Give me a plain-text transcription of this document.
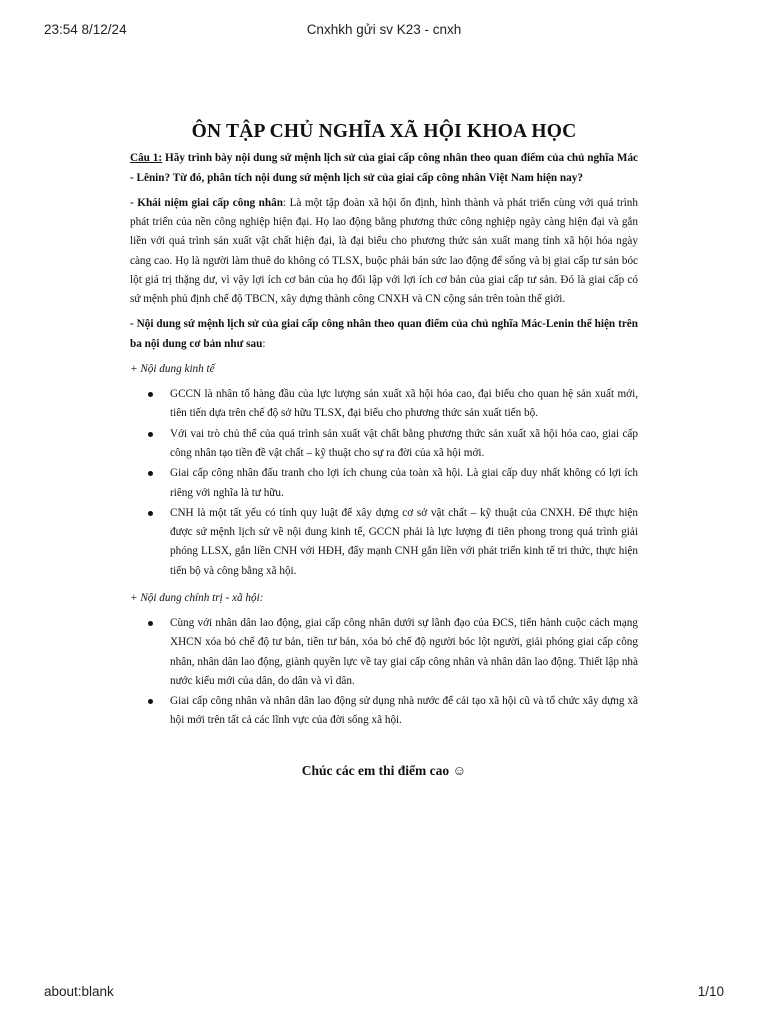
23:54 8/12/24	Cnxhkh gửi sv K23 - cnxh
ÔN TẬP CHỦ NGHĨA XÃ HỘI KHOA HỌC

Câu 1: Hãy trình bày nội dung sứ mệnh lịch sử của giai cấp công nhân theo quan điểm của chủ nghĩa Mác - Lênin? Từ đó, phân tích nội dung sứ mệnh lịch sử của giai cấp công nhân Việt Nam hiện nay?

- Khái niệm giai cấp công nhân: Là một tập đoàn xã hội ổn định, hình thành và phát triển cùng với quá trình phát triển của nền công nghiệp hiện đại. Họ lao động bằng phương thức công nghiệp ngày càng hiện đại và gắn liền với quá trình sản xuất vật chất hiện đại, là đại biểu cho phương thức sản xuất mang tính xã hội hóa ngày càng cao. Họ là người làm thuê do không có TLSX, buộc phải bán sức lao động để sống và bị giai cấp tư sản bóc lột giá trị thặng dư, vì vậy lợi ích cơ bản của họ đối lập với lợi ích cơ bản của giai cấp tư sản. Đó là giai cấp có sứ mệnh phủ định chế độ TBCN, xây dựng thành công CNXH và CN cộng sản trên toàn thế giới.

- Nội dung sứ mệnh lịch sử của giai cấp công nhân theo quan điểm của chủ nghĩa Mác-Lenin thể hiện trên ba nội dung cơ bản như sau:

+ Nội dung kinh tế
GCCN là nhân tố hàng đầu của lực lượng sản xuất xã hội hóa cao, đại biểu cho quan hệ sản xuất mới, tiên tiến dựa trên chế độ sở hữu TLSX, đại biểu cho phương thức sản xuất tiến bộ.
Với vai trò chủ thể của quá trình sản xuất vật chất bằng phương thức sản xuất xã hội hóa cao, giai cấp công nhân tạo tiền đề vật chất – kỹ thuật cho sự ra đời của xã hội mới.
Giai cấp công nhân đấu tranh cho lợi ích chung của toàn xã hội. Là giai cấp duy nhất không có lợi ích riêng với nghĩa là tư hữu.
CNH là một tất yếu có tính quy luật để xây dựng cơ sở vật chất – kỹ thuật của CNXH. Để thực hiện được sứ mệnh lịch sử về nội dung kinh tế, GCCN phải là lực lượng đi tiên phong trong quá trình giải phóng LLSX, gắn liền CNH với HĐH, đẩy mạnh CNH gắn liền với phát triển kinh tế tri thức, thực hiện tiến bộ và công bằng xã hội.
+ Nội dung chính trị - xã hội:
Cùng với nhân dân lao động, giai cấp công nhân dưới sự lãnh đạo của ĐCS, tiến hành cuộc cách mạng XHCN xóa bỏ chế độ tư bản, tiền tư bản, xóa bỏ chế độ người bóc lột người, giải phóng giai cấp công nhân, nhân dân lao động, giành quyền lực về tay giai cấp công nhân và nhân dân lao động. Thiết lập nhà nước kiểu mới của dân, do dân và vì dân.
Giai cấp công nhân và nhân dân lao động sử dụng nhà nước để cải tạo xã hội cũ và tổ chức xây dựng xã hội mới trên tất cả các lĩnh vực của đời sống xã hội.
Chúc các em thi điểm cao ☺
about:blank	1/10
